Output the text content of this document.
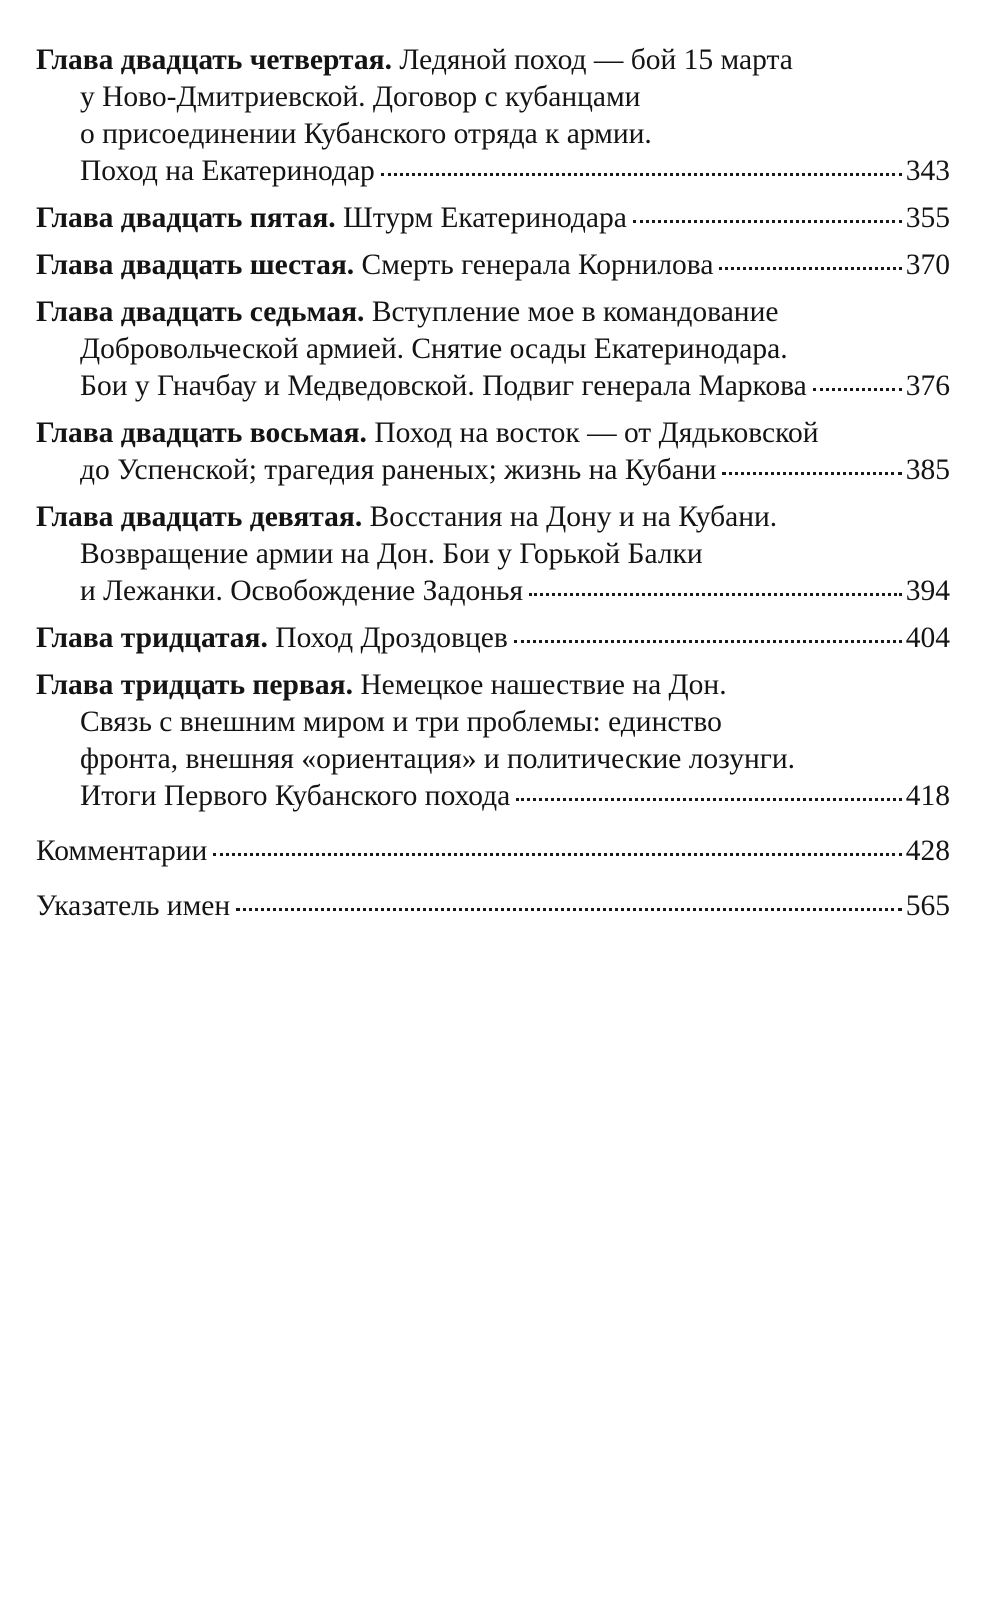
Глава двадцать четвертая. Ледяной поход — бой 15 марта
у Ново-Дмитриевской. Договор с кубанцами
о присоединении Кубанского отряда к армии.
Поход на Екатеринодар	343
Глава двадцать пятая. Штурм Екатеринодара	355
Глава двадцать шестая. Смерть генерала Корнилова	370
Глава двадцать седьмая. Вступление мое в командование
Добровольческой армией. Снятие осады Екатеринодара.
Бои у Гначбау и Медведовской. Подвиг генерала Маркова	376
Глава двадцать восьмая. Поход на восток — от Дядьковской
до Успенской; трагедия раненых; жизнь на Кубани	385
Глава двадцать девятая. Восстания на Дону и на Кубани.
Возвращение армии на Дон. Бои у Горькой Балки
и Лежанки. Освобождение Задонья	394
Глава тридцатая. Поход Дроздовцев	404
Глава тридцать первая. Немецкое нашествие на Дон.
Связь с внешним миром и три проблемы: единство
фронта, внешняя «ориентация» и политические лозунги.
Итоги Первого Кубанского похода	418
Комментарии	428
Указатель имен	565
